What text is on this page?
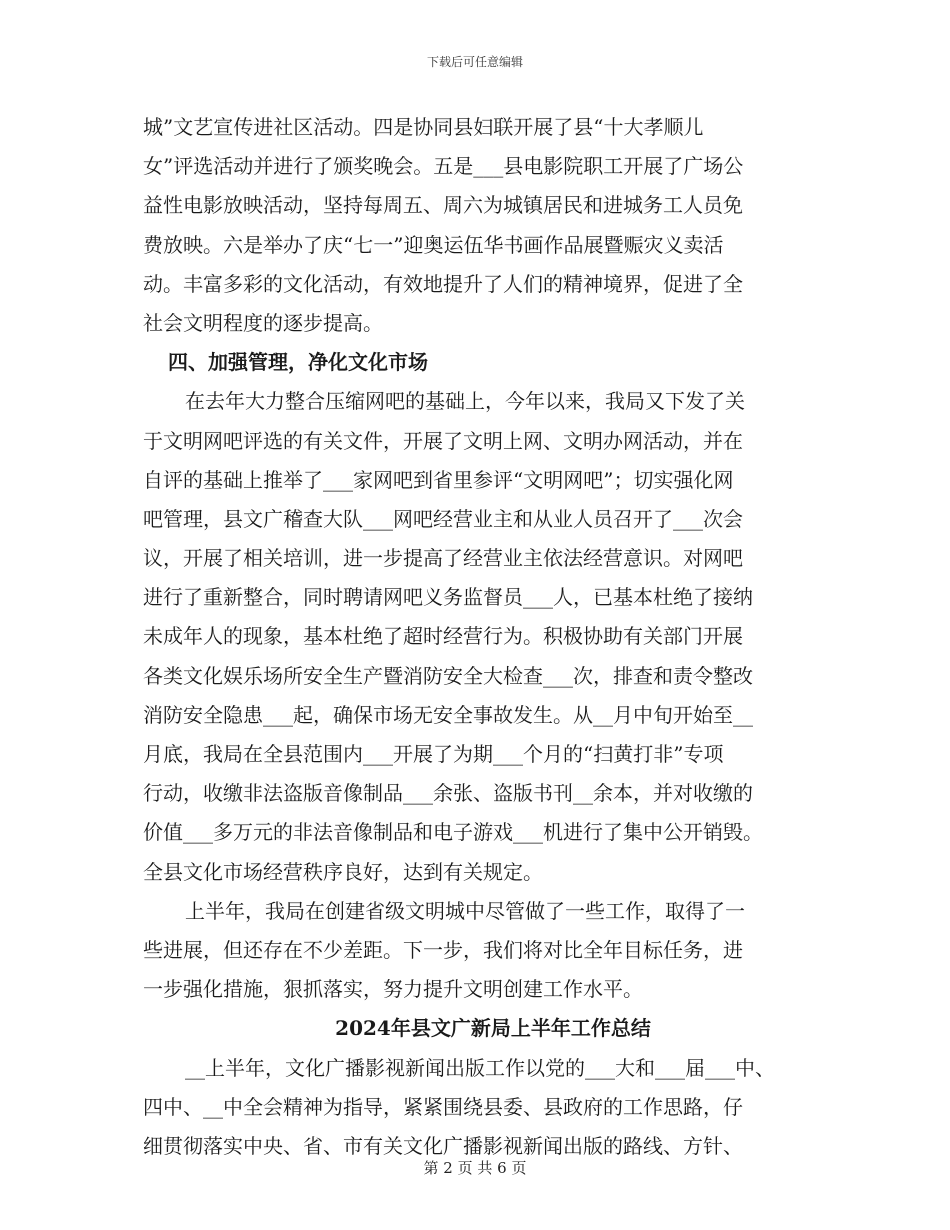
下载后可任意编辑
城”文艺宣传进社区活动。四是协同县妇联开展了县“十大孝顺儿
女”评选活动并进行了颁奖晚会。五是___县电影院职工开展了广场公
益性电影放映活动，坚持每周五、周六为城镇居民和进城务工人员免
费放映。六是举办了庆“七一”迎奥运伍华书画作品展暨赈灾义卖活
动。丰富多彩的文化活动，有效地提升了人们的精神境界，促进了全
社会文明程度的逐步提高。
四、加强管理，净化文化市场
在去年大力整合压缩网吧的基础上，今年以来，我局又下发了关
于文明网吧评选的有关文件，开展了文明上网、文明办网活动，并在
自评的基础上推举了___家网吧到省里参评“文明网吧”；切实强化网
吧管理，县文广稽查大队___网吧经营业主和从业人员召开了___次会
议，开展了相关培训，进一步提高了经营业主依法经营意识。对网吧
进行了重新整合，同时聘请网吧义务监督员___人，已基本杜绝了接纳
未成年人的现象，基本杜绝了超时经营行为。积极协助有关部门开展
各类文化娱乐场所安全生产暨消防安全大检查___次，排查和责令整改
消防安全隐患___起，确保市场无安全事故发生。从__月中旬开始至__
月底，我局在全县范围内___开展了为期___个月的“扫黄打非”专项
行动，收缴非法盗版音像制品___余张、盗版书刊__余本，并对收缴的
价值___多万元的非法音像制品和电子游戏___机进行了集中公开销毁。
全县文化市场经营秩序良好，达到有关规定。
上半年，我局在创建省级文明城中尽管做了一些工作，取得了一
些进展，但还存在不少差距。下一步，我们将对比全年目标任务，进
一步强化措施，狠抓落实，努力提升文明创建工作水平。
2024年县文广新局上半年工作总结
__上半年，文化广播影视新闻出版工作以党的___大和___届___中、
四中、__中全会精神为指导，紧紧围绕县委、县政府的工作思路，仔
细贯彻落实中央、省、市有关文化广播影视新闻出版的路线、方针、
第 2 页 共 6 页
